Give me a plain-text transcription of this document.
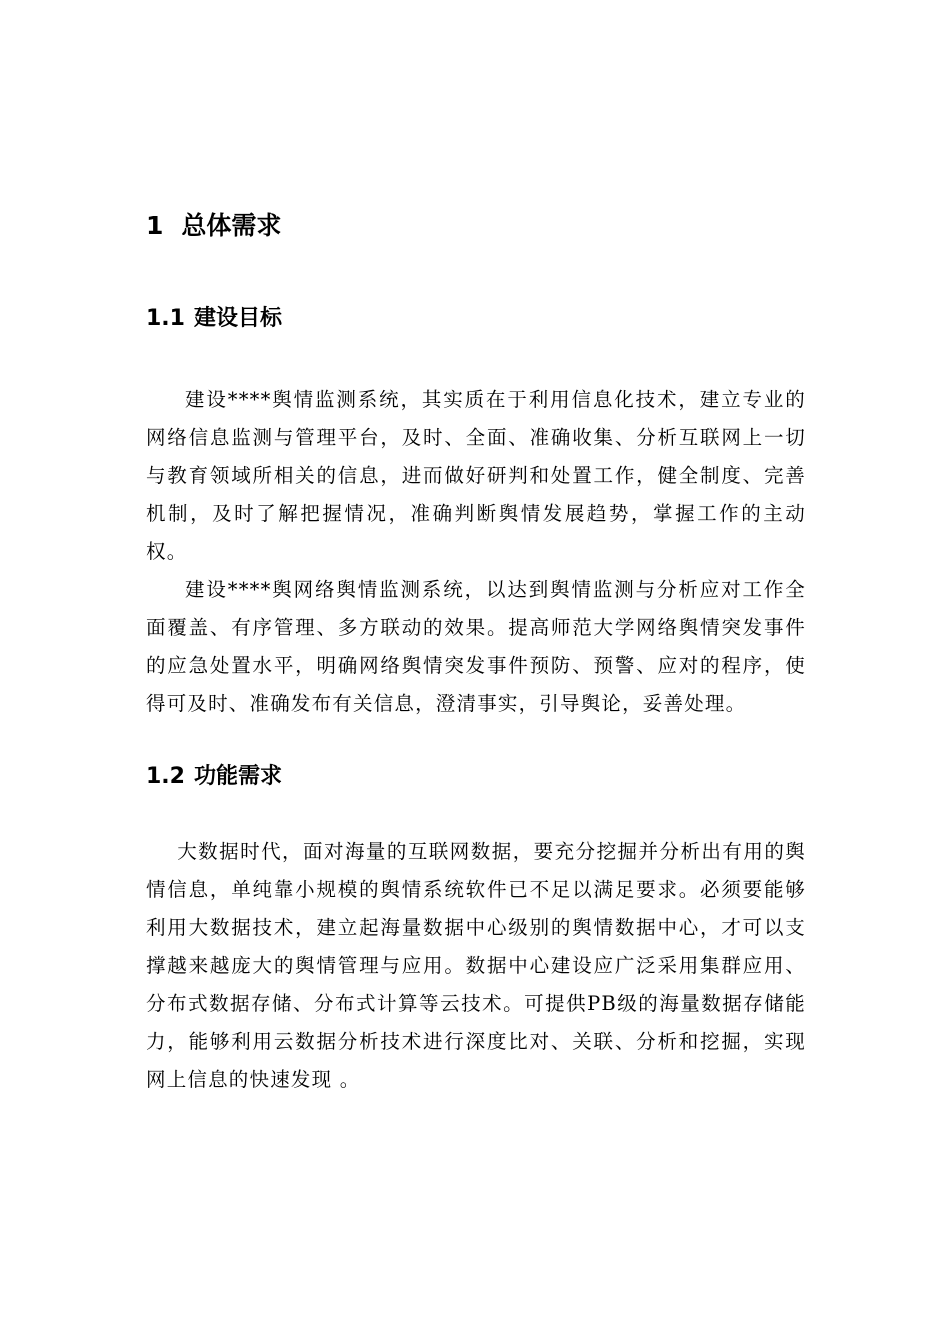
1 总体需求
1.1 建设目标

建设****舆情监测系统，其实质在于利用信息化技术，建立专业的网络信息监测与管理平台，及时、全面、准确收集、分析互联网上一切与教育领域所相关的信息，进而做好研判和处置工作，健全制度、完善机制，及时了解把握情况，准确判断舆情发展趋势，掌握工作的主动权。

建设****舆网络舆情监测系统，以达到舆情监测与分析应对工作全面覆盖、有序管理、多方联动的效果。提高师范大学网络舆情突发事件的应急处置水平，明确网络舆情突发事件预防、预警、应对的程序，使得可及时、准确发布有关信息，澄清事实，引导舆论，妥善处理。

1.2 功能需求

大数据时代，面对海量的互联网数据，要充分挖掘并分析出有用的舆情信息，单纯靠小规模的舆情系统软件已不足以满足要求。必须要能够利用大数据技术，建立起海量数据中心级别的舆情数据中心，才可以支撑越来越庞大的舆情管理与应用。数据中心建设应广泛采用集群应用、分布式数据存储、分布式计算等云技术。可提供PB级的海量数据存储能力，能够利用云数据分析技术进行深度比对、关联、分析和挖掘，实现网上信息的快速发现 。
